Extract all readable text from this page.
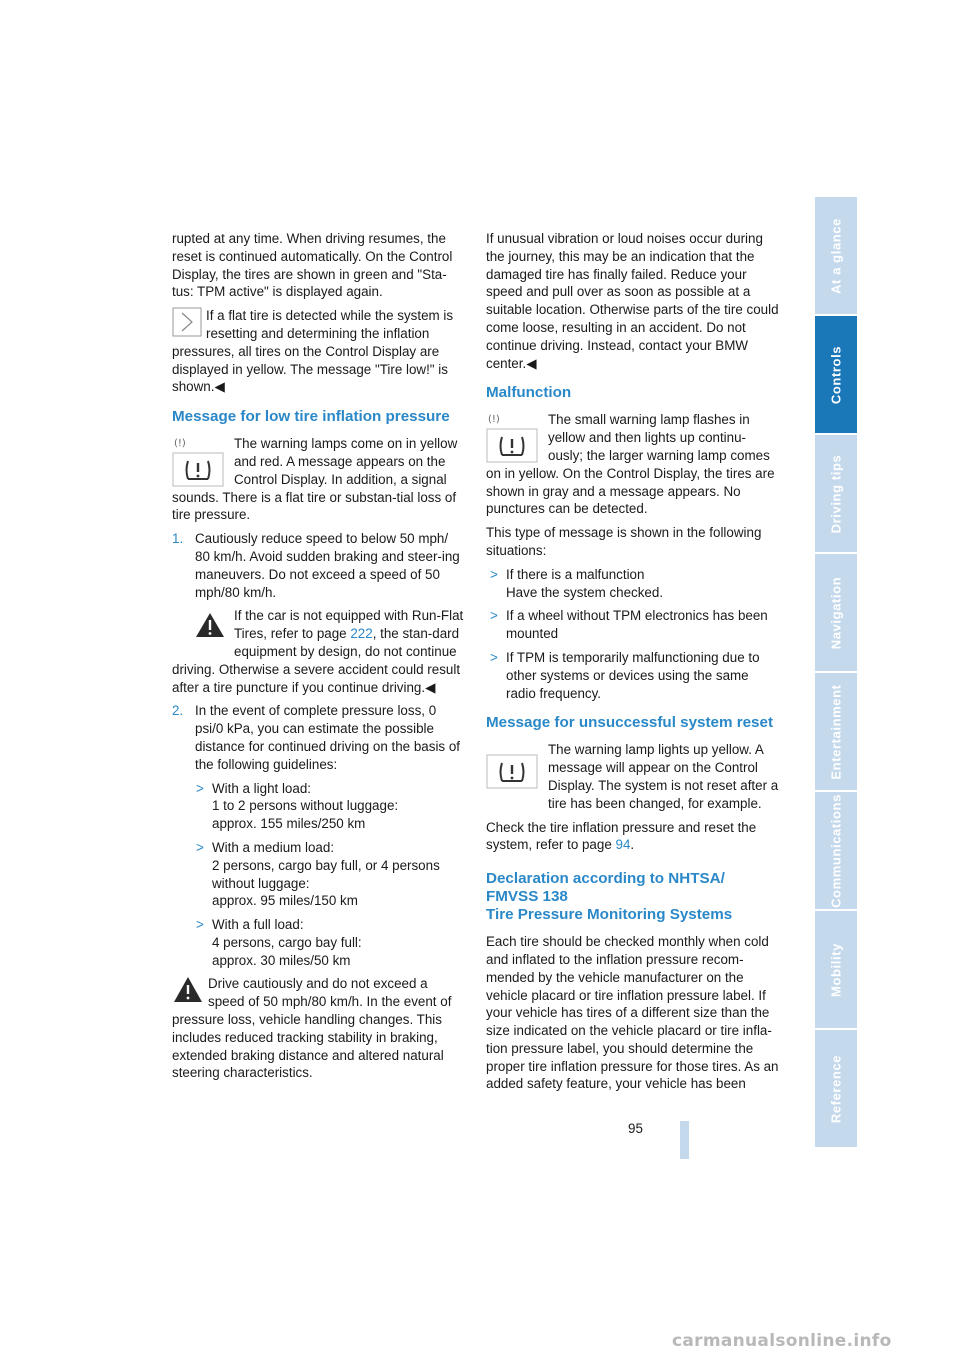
rupted at any time. When driving resumes, the reset is continued automatically. On the Control Display, the tires are shown in green and "Sta-tus: TPM active" is displayed again.

If a flat tire is detected while the system is resetting and determining the inflation pressures, all tires on the Control Display are displayed in yellow. The message "Tire low!" is shown.◀
Message for low tire inflation pressure
(!)	The warning lamps come on in yellow and red. A message appears on the Control Display. In addition, a signal sounds. There is a flat tire or substan-tial loss of tire pressure.
1. Cautiously reduce speed to below 50 mph/ 80 km/h. Avoid sudden braking and steer-ing maneuvers. Do not exceed a speed of 50 mph/80 km/h.
If the car is not equipped with Run-Flat Tires, refer to page 222, the stan-dard equipment by design, do not continue driving. Otherwise a severe accident could result after a tire puncture if you continue driving.◀
2. In the event of complete pressure loss, 0 psi/0 kPa, you can estimate the possible distance for continued driving on the basis of the following guidelines:
> With a light load:
1 to 2 persons without luggage:
approx. 155 miles/250 km
> With a medium load:
2 persons, cargo bay full, or 4 persons without luggage:
approx. 95 miles/150 km
> With a full load:
4 persons, cargo bay full:
approx. 30 miles/50 km
Drive cautiously and do not exceed a speed of 50 mph/80 km/h. In the event of pressure loss, vehicle handling changes. This includes reduced tracking stability in braking, extended braking distance and altered natural steering characteristics.

If unusual vibration or loud noises occur during the journey, this may be an indication that the damaged tire has finally failed. Reduce your speed and pull over as soon as possible at a suitable location. Otherwise parts of the tire could come loose, resulting in an accident. Do not continue driving. Instead, contact your BMW center.◀

Malfunction
(!)	The small warning lamp flashes in yellow and then lights up continu-ously; the larger warning lamp comes on in yellow. On the Control Display, the tires are shown in gray and a message appears. No punctures can be detected.

This type of message is shown in the following situations:

> If there is a malfunction
Have the system checked.
> If a wheel without TPM electronics has been mounted
> If TPM is temporarily malfunctioning due to other systems or devices using the same radio frequency.
Message for unsuccessful system reset
The warning lamp lights up yellow. A message will appear on the Control Display. The system is not reset after a tire has been changed, for example.

Check the tire inflation pressure and reset the system, refer to page 94.

Declaration according to NHTSA/
FMVSS 138
Tire Pressure Monitoring Systems

Each tire should be checked monthly when cold and inflated to the inflation pressure recom-mended by the vehicle manufacturer on the vehicle placard or tire inflation pressure label. If your vehicle has tires of a different size than the size indicated on the vehicle placard or tire infla-tion pressure label, you should determine the proper tire inflation pressure for those tires. As an added safety feature, your vehicle has been

At a glance
Controls
Driving tips
Navigation
Entertainment
Communications
Mobility
Reference
95
carmanualsonline.info
